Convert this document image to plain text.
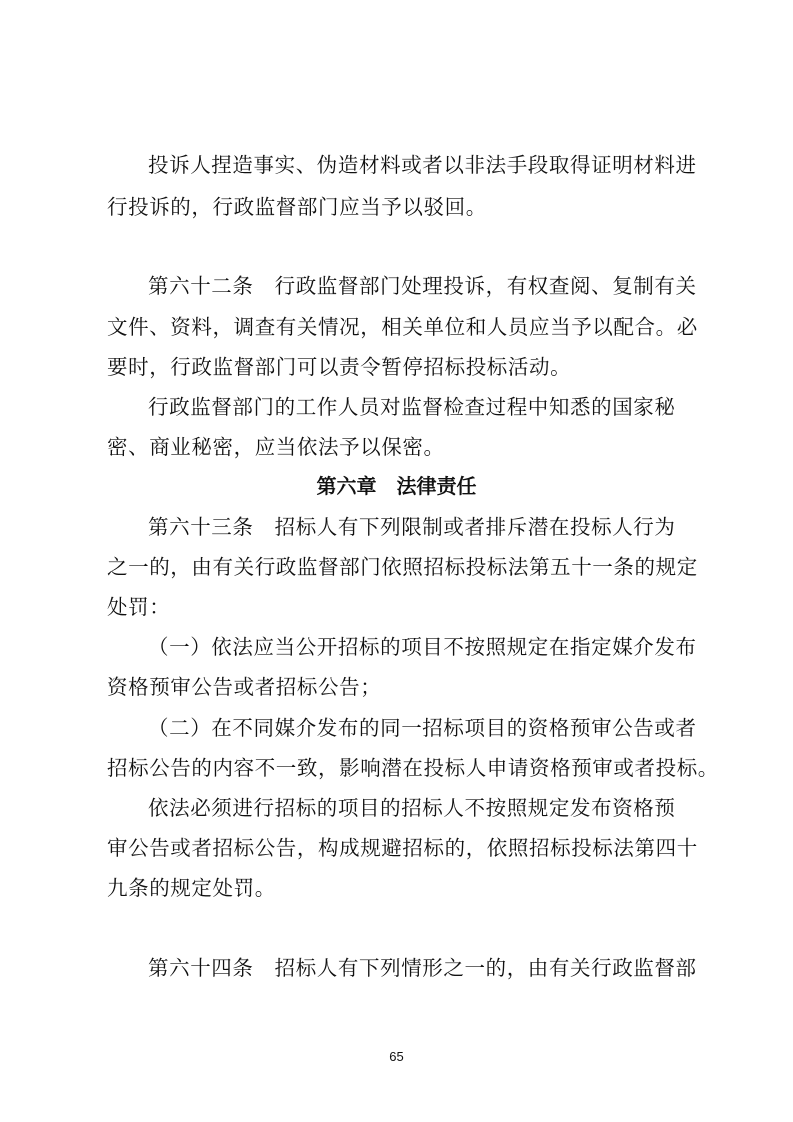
投诉人捏造事实、伪造材料或者以非法手段取得证明材料进
行投诉的，行政监督部门应当予以驳回。
第六十二条　行政监督部门处理投诉，有权查阅、复制有关
文件、资料，调查有关情况，相关单位和人员应当予以配合。必
要时，行政监督部门可以责令暂停招标投标活动。
行政监督部门的工作人员对监督检查过程中知悉的国家秘
密、商业秘密，应当依法予以保密。
第六章　法律责任
第六十三条　招标人有下列限制或者排斥潜在投标人行为
之一的，由有关行政监督部门依照招标投标法第五十一条的规定
处罚：
（一）依法应当公开招标的项目不按照规定在指定媒介发布
资格预审公告或者招标公告；
（二）在不同媒介发布的同一招标项目的资格预审公告或者
招标公告的内容不一致，影响潜在投标人申请资格预审或者投标。
依法必须进行招标的项目的招标人不按照规定发布资格预
审公告或者招标公告，构成规避招标的，依照招标投标法第四十
九条的规定处罚。
第六十四条　招标人有下列情形之一的，由有关行政监督部
65
